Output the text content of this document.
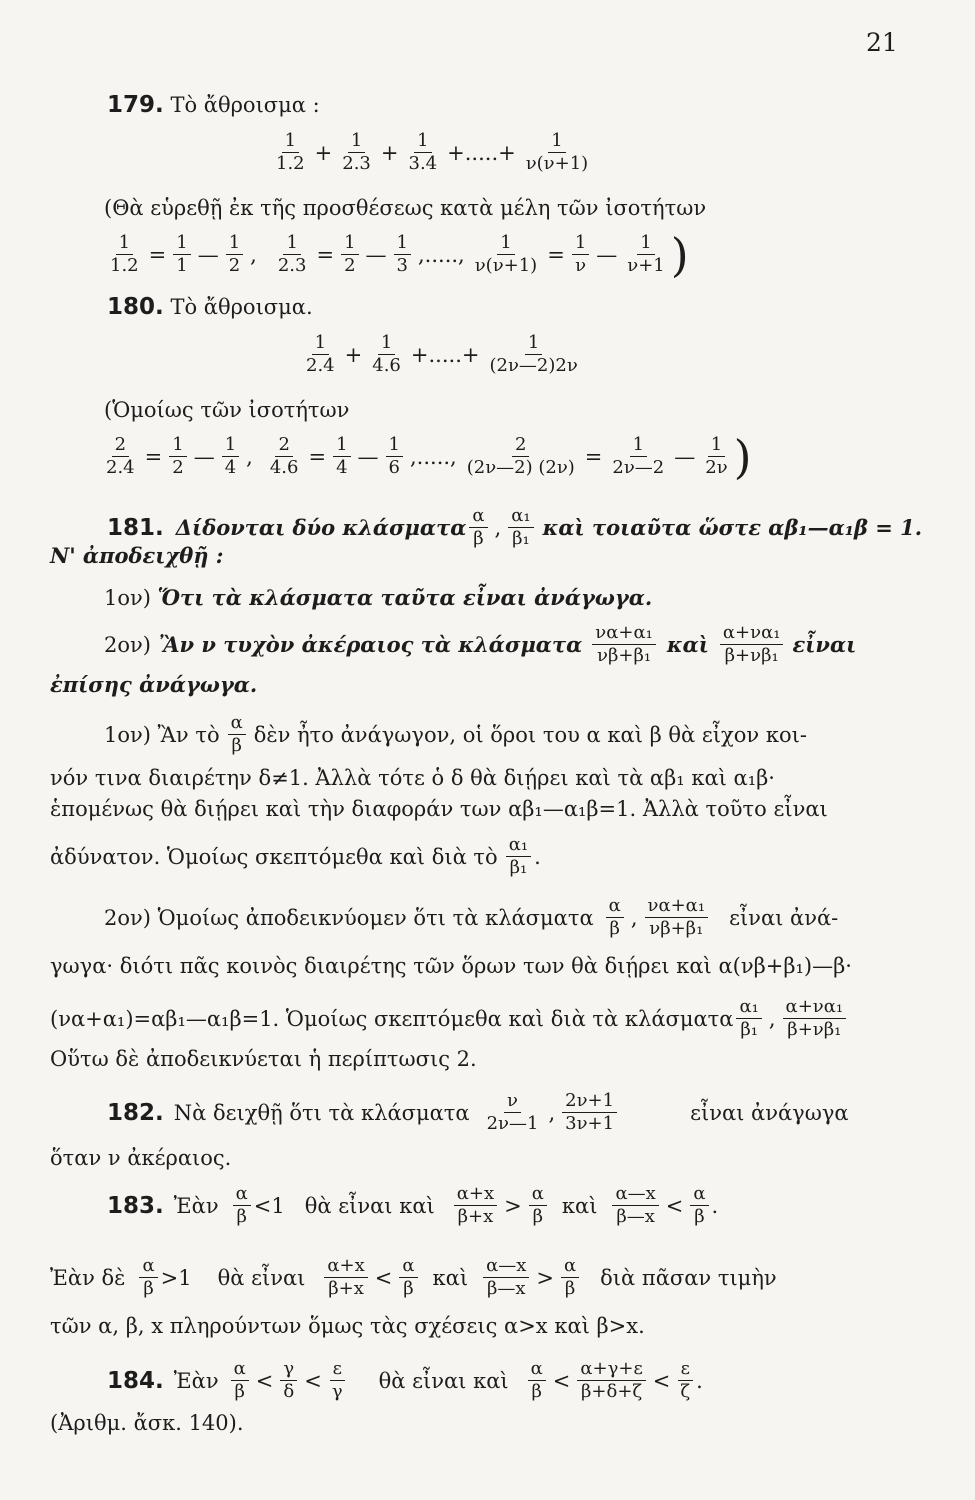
21
179. Τὸ ἄθροισμα :
$\frac{1}{1.2} + \frac{1}{2.3} + \frac{1}{3.4}$ +.....+ $\frac{1}{\nu(\nu+1)}$
(Θὰ εὑρεθῇ ἐκ τῆς προσθέσεως κατὰ μέλη τῶν ἰσοτήτων
$\frac{1}{1.2} = \frac{1}{1}$ — $\frac{1}{2}$ , $\frac{1}{2.3} = \frac{1}{2}$ — $\frac{1}{3}$ ,....., $\frac{1}{\nu(\nu+1)} = \frac{1}{\nu}$ — $\frac{1}{\nu+1}$ )
180. Τὸ ἄθροισμα.
$\frac{1}{2.4} + \frac{1}{4.6}$ +.....+ $\frac{1}{(2\nu—2)2\nu}$
(Ὁμοίως τῶν ἰσοτήτων
$\frac{2}{2.4} = \frac{1}{2}$ — $\frac{1}{4}$ , $\frac{2}{4.6} = \frac{1}{4}$ — $\frac{1}{6}$ ,....., $\frac{2}{(2\nu—2) (2\nu)} = \frac{1}{2\nu—2}$ — $\frac{1}{2\nu}$ )
181. Δίδονται δύο κλάσματα $\frac{\alpha}{\beta}$ , $\frac{\text{α₁}}{\text{β₁}}$ καὶ τοιαῦτα ὥστε αβ₁—α₁β = 1.
Ν' ἀποδειχθῇ :
1ον) Ὅτι τὰ κλάσματα ταῦτα εἶναι ἀνάγωγα.
2ον) Ἂν ν τυχὸν ἀκέραιος τὰ κλάσματα $\frac{\text{να+α₁}}{\text{νβ+β₁}}$ καὶ $\frac{\text{α+να₁}}{\text{β+νβ₁}}$ εἶναι
ἐπίσης ἀνάγωγα.
1ον) Ἂν τὸ $\frac{\alpha}{\beta}$ δὲν ἦτο ἀνάγωγον, οἱ ὅροι του α καὶ β θὰ εἶχον κοι-
νόν τινα διαιρέτην δ≠1. Ἀλλὰ τότε ὁ δ θὰ διῄρει καὶ τὰ αβ₁ καὶ α₁β·
ἑπομένως θὰ διῄρει καὶ τὴν διαφοράν των αβ₁—α₁β=1. Ἀλλὰ τοῦτο εἶναι
ἀδύνατον. Ὁμοίως σκεπτόμεθα καὶ διὰ τὸ $\frac{\text{α₁}}{\text{β₁}}$ .
2ον) Ὁμοίως ἀποδεικνύομεν ὅτι τὰ κλάσματα $\frac{\alpha}{\beta}$ , $\frac{\text{να+α₁}}{\text{νβ+β₁}}$ εἶναι ἀνά-
γωγα· διότι πᾶς κοινὸς διαιρέτης τῶν ὅρων των θὰ διῄρει καὶ α(νβ+β₁)—β·
(να+α₁)=αβ₁—α₁β=1. Ὁμοίως σκεπτόμεθα καὶ διὰ τὰ κλάσματα $\frac{\text{α₁}}{\text{β₁}}$ , $\frac{\text{α+να₁}}{\text{β+νβ₁}}$
Οὕτω δὲ ἀποδεικνύεται ἡ περίπτωσις 2.
182. Νὰ δειχθῇ ὅτι τὰ κλάσματα $\frac{\nu}{2\nu—1}$ , $\frac{2\nu+1}{3\nu+1}$	εἶναι ἀνάγωγα
ὅταν ν ἀκέραιος.
183. Ἐὰν $\frac{\alpha}{\beta} <1$ θὰ εἶναι καὶ $\frac{\alpha+x}{\beta+x} > \frac{\alpha}{\beta}$ καὶ $\frac{\alpha—x}{\beta—x} < \frac{\alpha}{\beta}$ .
Ἐὰν δὲ $\frac{\alpha}{\beta} >1$ θὰ εἶναι $\frac{\alpha+x}{\beta+x} < \frac{\alpha}{\beta}$ καὶ $\frac{\alpha—x}{\beta—x} > \frac{\alpha}{\beta}$ διὰ πᾶσαν τιμὴν
τῶν α, β, x πληρούντων ὅμως τὰς σχέσεις α>x καὶ β>x.
184. Ἐὰν $\frac{\alpha}{\beta} < \frac{\gamma}{\delta} < \frac{\varepsilon}{\gamma}$ θὰ εἶναι καὶ $\frac{\alpha}{\beta} < \frac{\alpha+\gamma+\varepsilon}{\beta+\delta+\zeta} < \frac{\varepsilon}{\zeta}$ .
(Ἀριθμ. ἄσκ. 140).
